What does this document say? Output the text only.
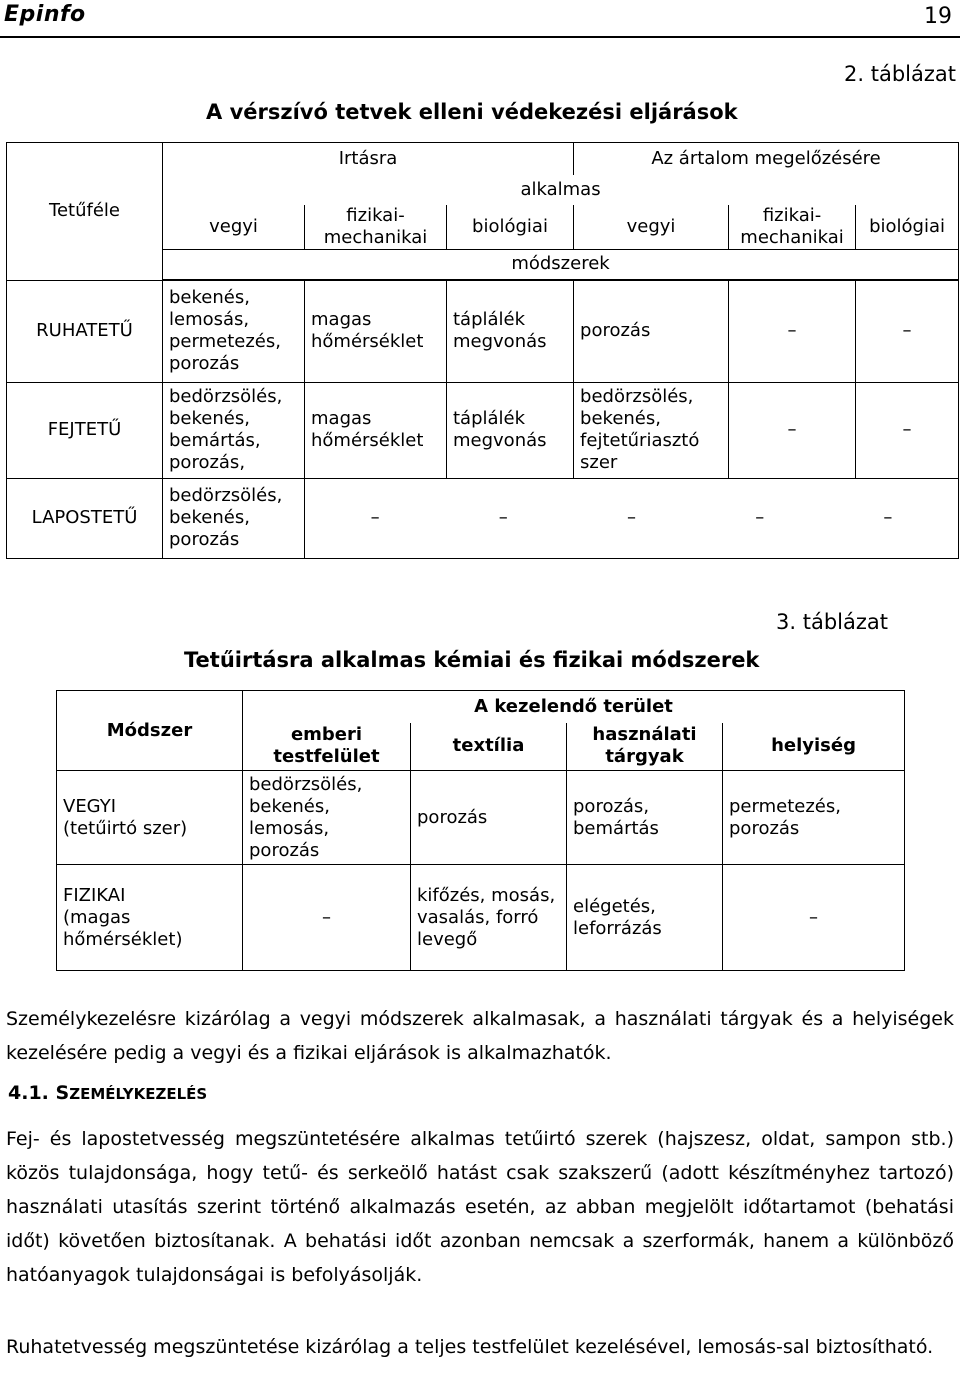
Epinfo	19
2. táblázat
A vérszívó tetvek elleni védekezési eljárások
Tetűféle	Irtásra			Az ártalom megelőzésére		
	alkalmas					
	vegyi	fizikai-mechanikai	biológiai	vegyi	fizikai-mechanikai	biológiai
	módszerek					

RUHATETŰ	bekenés, lemosás, permetezés, porozás	magas hőmérséklet	táplálék megvonás	porozás	–	–
FEJTETŰ	bedörzsölés, bekenés, bemártás, porozás,	magas hőmérséklet	táplálék megvonás	bedörzsölés, bekenés, fejtetűriasztó szer	–	–
LAPOSTETŰ	bedörzsölés, bekenés, porozás	– – – – –				
3. táblázat
Tetűirtásra alkalmas kémiai és fizikai módszerek
Módszer	A kezelendő terület			
	emberi testfelület	textília	használati tárgyak	helyiség

VEGYI
(tetűirtó szer)	bedörzsölés, bekenés, lemosás, porozás	porozás	porozás, bemártás	permetezés, porozás

FIZIKAI
(magas hőmérséklet)	–	kifőzés, mosás, vasalás, forró levegő	elégetés, leforrázás	–
Személykezelésre kizárólag a vegyi módszerek alkalmasak, a használati tárgyak és a helyiségek kezelésére pedig a vegyi és a fizikai eljárások is alkalmazhatók.
4.1. SZEMÉLYKEZELÉS
Fej- és lapostetvesség megszüntetésére alkalmas tetűirtó szerek (hajszesz, oldat, sampon stb.) közös tulajdonsága, hogy tetű- és serkeölő hatást csak szakszerű (adott készítményhez tartozó) használati utasítás szerint történő alkalmazás esetén, az abban megjelölt időtartamot (behatási időt) követően biztosítanak. A behatási időt azonban nemcsak a szerformák, hanem a különböző hatóanyagok tulajdonságai is befolyásolják.
Ruhatetvesség megszüntetése kizárólag a teljes testfelület kezelésével, lemosás-sal biztosítható.
